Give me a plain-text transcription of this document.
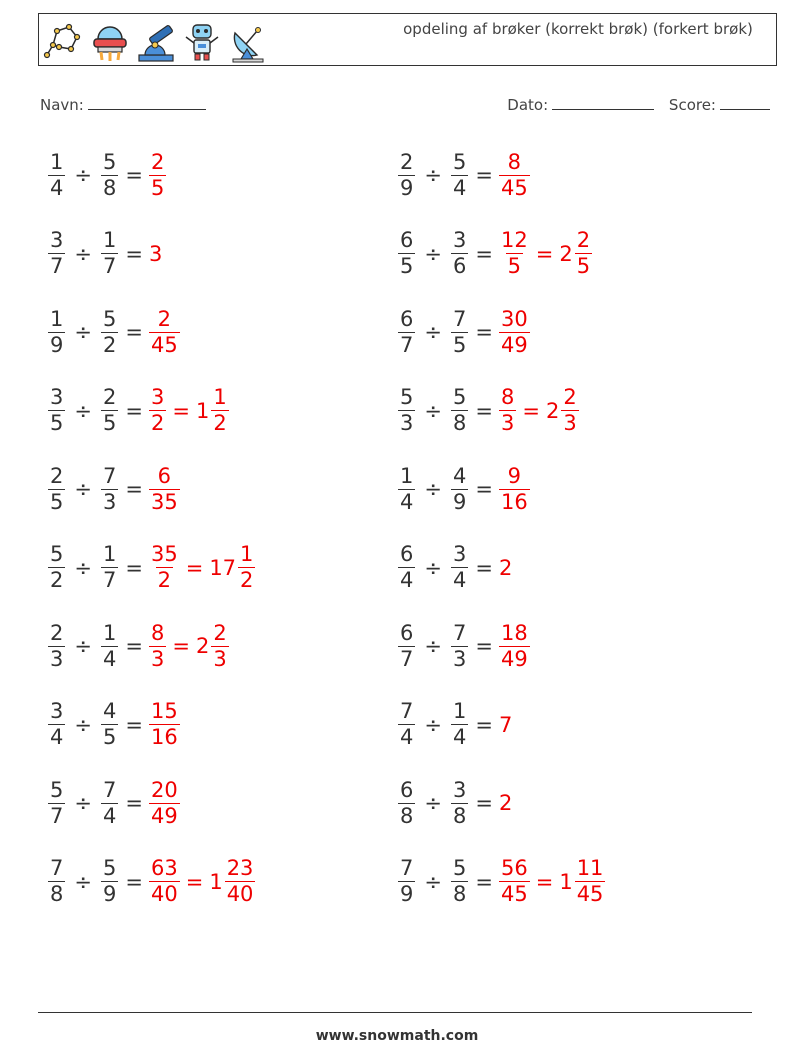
opdeling af brøker (korrekt brøk) (forkert brøk)
Navn:	Dato:	Score:
$\frac{1}{4} \div \frac{5}{8} = \frac{2}{5}$	$\frac{2}{9} \div \frac{5}{4} = \frac{8}{45}$
$\frac{3}{7} \div \frac{1}{7} = 3$	$\frac{6}{5} \div \frac{3}{6} = \frac{12}{5} = 2 \frac{2}{5}$
$\frac{1}{9} \div \frac{5}{2} = \frac{2}{45}$	$\frac{6}{7} \div \frac{7}{5} = \frac{30}{49}$
$\frac{3}{5} \div \frac{2}{5} = \frac{3}{2} = 1 \frac{1}{2}$	$\frac{5}{3} \div \frac{5}{8} = \frac{8}{3} = 2 \frac{2}{3}$
$\frac{2}{5} \div \frac{7}{3} = \frac{6}{35}$	$\frac{1}{4} \div \frac{4}{9} = \frac{9}{16}$
$\frac{5}{2} \div \frac{1}{7} = \frac{35}{2} = 17 \frac{1}{2}$	$\frac{6}{4} \div \frac{3}{4} = 2$
$\frac{2}{3} \div \frac{1}{4} = \frac{8}{3} = 2 \frac{2}{3}$	$\frac{6}{7} \div \frac{7}{3} = \frac{18}{49}$
$\frac{3}{4} \div \frac{4}{5} = \frac{15}{16}$	$\frac{7}{4} \div \frac{1}{4} = 7$
$\frac{5}{7} \div \frac{7}{4} = \frac{20}{49}$	$\frac{6}{8} \div \frac{3}{8} = 2$
$\frac{7}{8} \div \frac{5}{9} = \frac{63}{40} = 1 \frac{23}{40}$	$\frac{7}{9} \div \frac{5}{8} = \frac{56}{45} = 1 \frac{11}{45}$
www.snowmath.com
